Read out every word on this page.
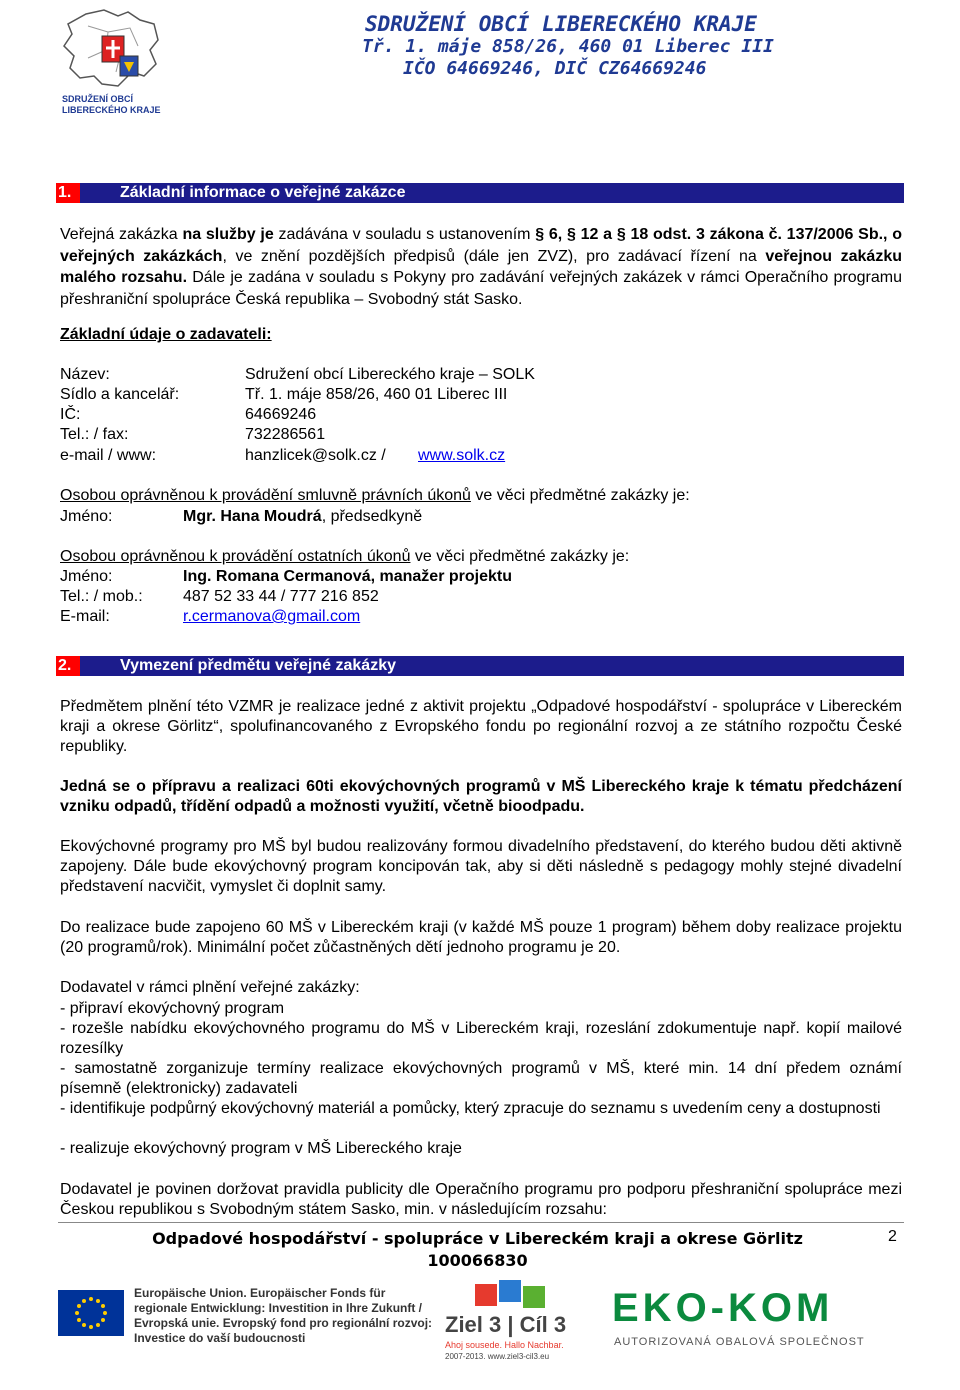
SDRUŽENÍ OBCÍ
LIBERECKÉHO KRAJE
SDRUŽENÍ OBCÍ LIBERECKÉHO KRAJE
Tř. 1. máje 858/26, 460 01 Liberec III
IČO 64669246, DIČ CZ64669246
1.	Základní informace o veřejné zakázce
Veřejná zakázka na služby je zadávána v souladu s ustanovením § 6, § 12 a § 18 odst. 3 zákona č. 137/2006 Sb., o veřejných zakázkách, ve znění pozdějších předpisů (dále jen ZVZ), pro zadávací řízení na veřejnou zakázku malého rozsahu. Dále je zadána v souladu s Pokyny pro zadávání veřejných zakázek v rámci Operačního programu přeshraniční spolupráce Česká republika – Svobodný stát Sasko.
Základní údaje o zadavateli:
Název:	Sdružení obcí Libereckého kraje – SOLK
Sídlo a kancelář:	Tř. 1. máje 858/26, 460 01 Liberec III
IČ:	64669246
Tel.: / fax:	732286561
e-mail / www:	hanzlicek@solk.cz / www.solk.cz
Osobou oprávněnou k provádění smluvně právních úkonů ve věci předmětné zakázky je:
Jméno:	Mgr. Hana Moudrá, předsedkyně
Osobou oprávněnou k provádění ostatních úkonů ve věci předmětné zakázky je:
Jméno:	Ing. Romana Cermanová, manažer projektu
Tel.: / mob.:	487 52 33 44 / 777 216 852
E-mail:	r.cermanova@gmail.com
2.	Vymezení předmětu veřejné zakázky
Předmětem plnění této VZMR je realizace jedné z aktivit projektu „Odpadové hospodářství - spolupráce v Libereckém kraji a okrese Görlitz“, spolufinancovaného z Evropského fondu po regionální rozvoj a ze státního rozpočtu České republiky.
Jedná se o přípravu a realizaci 60ti ekovýchovných programů v MŠ Libereckého kraje k tématu předcházení vzniku odpadů, třídění odpadů a možnosti využití, včetně bioodpadu.
Ekovýchovné programy pro MŠ byl budou realizovány formou divadelního představení, do kterého budou děti aktivně zapojeny. Dále bude ekovýchovný program koncipován tak, aby si děti následně s pedagogy mohly stejné divadelní představení nacvičit, vymyslet či doplnit samy.
Do realizace bude zapojeno 60 MŠ v Libereckém kraji (v každé MŠ pouze 1 program) během doby realizace projektu (20 programů/rok). Minimální počet zůčastněných dětí jednoho programu je 20.
Dodavatel v rámci plnění veřejné zakázky:
- připraví ekovýchovný program
- rozešle nabídku ekovýchovného programu do MŠ v Libereckém kraji, rozeslání zdokumentuje např. kopií mailové rozesílky
- samostatně zorganizuje termíny realizace ekovýchovných programů v MŠ, které min. 14 dní předem oznámí písemně (elektronicky) zadavateli
- identifikuje podpůrný ekovýchovný materiál a pomůcky, který zpracuje do seznamu s uvedením ceny a dostupnosti
- realizuje ekovýchovný program v MŠ Libereckého kraje
Dodavatel je povinen doržovat pravidla publicity dle Operačního programu pro podporu přeshraniční spolupráce mezi Českou republikou s Svobodným státem Sasko, min. v následujícím rozsahu:
Odpadové hospodářství - spolupráce v Libereckém kraji a okrese Görlitz
100066830
2
Europäische Union. Europäischer Fonds für regionale Entwicklung: Investition in Ihre Zukunft / Evropská unie. Evropský fond pro regionální rozvoj: Investice do vaší budoucnosti
Ziel 3 | Cíl 3
Ahoj sousede. Hallo Nachbar.
2007-2013. www.ziel3-cil3.eu
EKO-KOM
AUTORIZOVANÁ OBALOVÁ SPOLEČNOST
